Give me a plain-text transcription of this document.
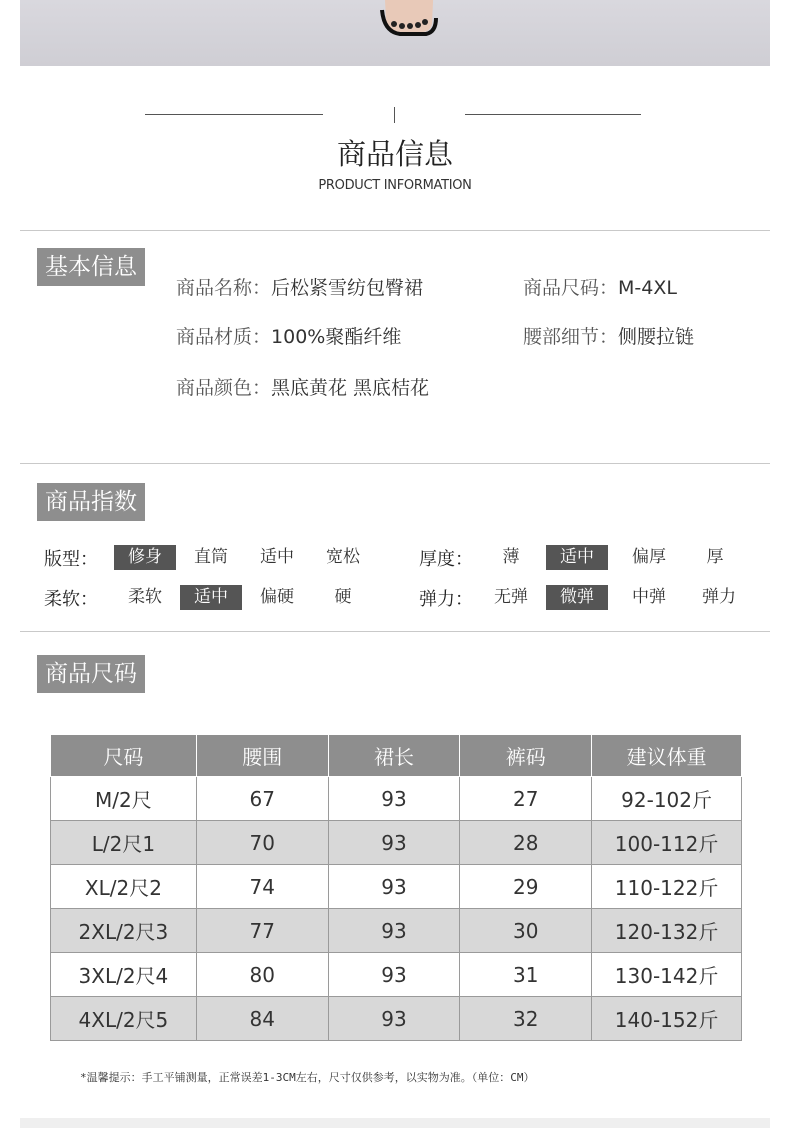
商品信息
PRODUCT INFORMATION
基本信息
商品名称：后松紧雪纺包臀裙	商品尺码：M-4XL
商品材质：100%聚酯纤维	腰部细节：侧腰拉链
商品颜色：黑底黄花 黑底桔花
商品指数
版型：	修身	直筒	适中	宽松	厚度：	薄	适中	偏厚	厚
柔软：	柔软	适中	偏硬	硬	弹力：	无弹	微弹	中弹	弹力
商品尺码
尺码	腰围	裙长	裤码	建议体重
M/2尺	67	93	27	92-102斤
L/2尺1	70	93	28	100-112斤
XL/2尺2	74	93	29	110-122斤
2XL/2尺3	77	93	30	120-132斤
3XL/2尺4	80	93	31	130-142斤
4XL/2尺5	84	93	32	140-152斤
*温馨提示：手工平铺测量，正常误差1-3CM左右，尺寸仅供参考，以实物为准。（单位：CM）
